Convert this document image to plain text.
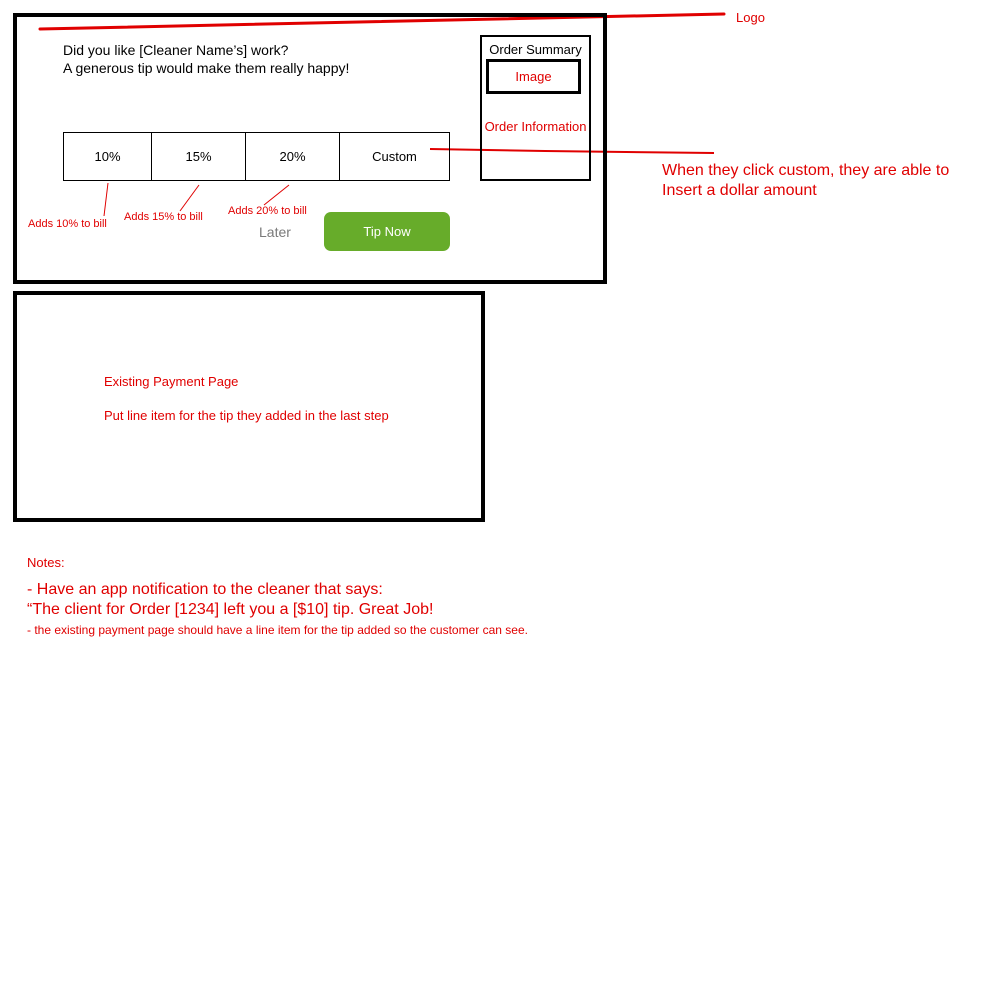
Did you like [Cleaner Name’s] work?
A generous tip would make them really happy!
10%	15%	20%	Custom
Adds 10% to bill
Adds 15% to bill Adds 20% to bill
Later	Tip Now
Order Summary
Image
Order Information
Logo
When they click custom, they are able to
Insert a dollar amount
Existing Payment Page
Put line item for the tip they added in the last step
Notes:
- Have an app notification to the cleaner that says:
“The client for Order [1234] left you a [$10] tip. Great Job!
- the existing payment page should have a line item for the tip added so the customer can see.
